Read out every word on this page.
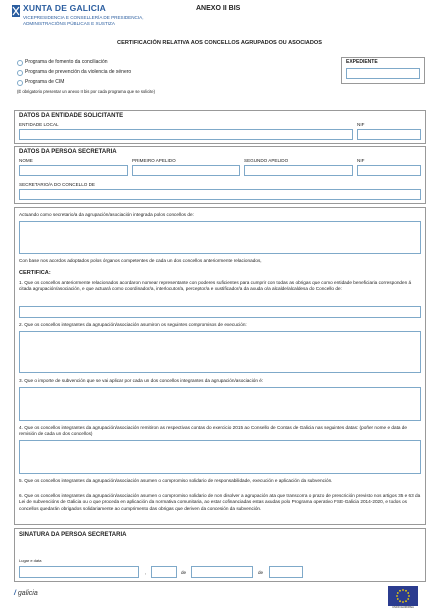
XUNTA DE GALICIA
VICEPRESIDENCIA E CONSELLERÍA DE PRESIDENCIA,
ADMINISTRACIÓNS PÚBLICAS E XUSTIZA
ANEXO II BIS
CERTIFICACIÓN RELATIVA AOS CONCELLOS AGRUPADOS OU ASOCIADOS
Programa de fomento da conciliación
Programa de prevención da violencia de xénero
Programa de CIM
(É obrigatorio presentar un anexo II bis por cada programa que se solicite)
EXPEDIENTE
DATOS DA ENTIDADE SOLICITANTE
ENTIDADE LOCAL	NIF
DATOS DA PERSOA SECRETARIA
NOME	PRIMEIRO APELIDO	SEGUNDO APELIDO	NIF
SECRETARIO/A DO CONCELLO DE
Actuando como secretario/a da agrupación/asociación integrada polos concellos de:
Con base nos acordos adoptados polos órganos competentes de cada un dos concellos anteriormente relacionados,
CERTIFICA:
1. Que os concellos anteriormente relacionados acordaron nomear representante con poderes suficientes para cumprir con todas as obrigas que como entidade beneficiaria corresponden á citada agrupación/asociación, e que actuará como coordinador/a, interlocutor/a, perceptor/a e xustificador/a da axuda o/a alcalde/alcaldesa do Concello de:
2. Que os concellos integrantes da agrupación/asociación asumiron os seguintes compromisos de execución:
3. Que o importe de subvención que se vai aplicar por cada un dos concellos integrantes da agrupación/asociación é:
4. Que os concellos integrantes da agrupación/asociación remitiron as respectivas contas do exercicio 2015 ao Consello de Contas de Galicia nas seguintes datas: (poñer nome e data de remisión de cada un dos concellos)
5. Que os concellos integrantes da agrupación/asociación asumen o compromiso solidario de responsabilidade, execución e aplicación da subvención.
6. Que os concellos integrantes da agrupación/asociación asumen o compromiso solidario de non disolver a agrupación ata que transcorra o prazo de prescrición previsto nos artigos 35 e 63 da Lei de subvencións de Galicia ou o que proceda en aplicación da normativa comunitaria, ao estar cofinanciadas estas axudas polo Programa operativo FSE-Galicia 2014-2020, e todos os concellos quedarán obrigados solidariamente ao cumprimento das obrigas que deriven da concesión da subvención.
SINATURA DA PERSOA SECRETARIA
Lugar e data
,	de	de
/ galicia
UNIÓN EUROPEA
